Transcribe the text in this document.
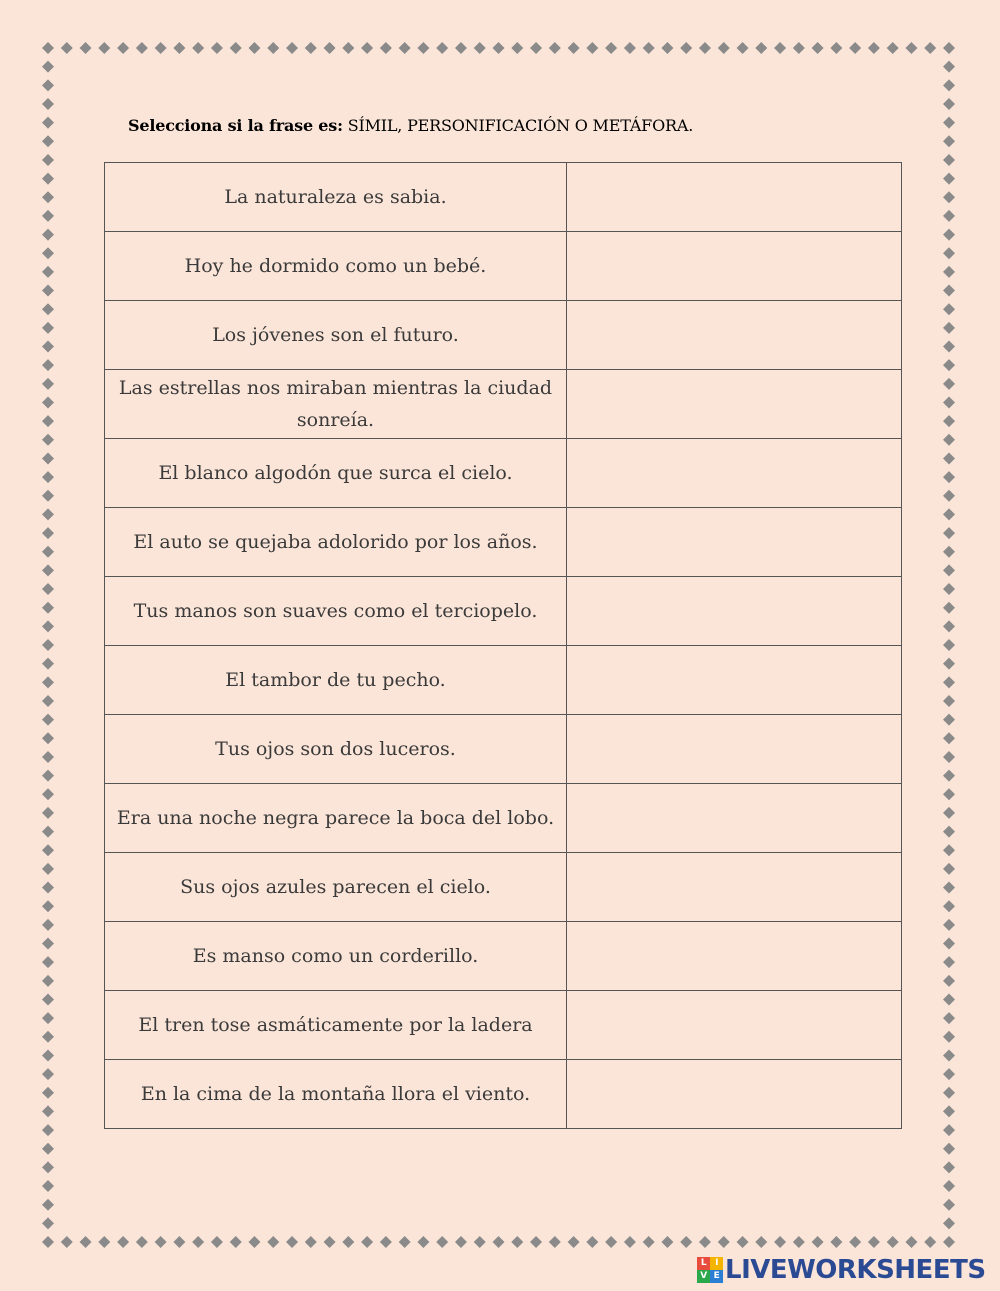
Selecciona si la frase es: SÍMIL, PERSONIFICACIÓN O METÁFORA.
La naturaleza es sabia.	
Hoy he dormido como un bebé.	
Los jóvenes son el futuro.	
Las estrellas nos miraban mientras la ciudad sonreía.	
El blanco algodón que surca el cielo.	
El auto se quejaba adolorido por los años.	
Tus manos son suaves como el terciopelo.	
El tambor de tu pecho.	
Tus ojos son dos luceros.	
Era una noche negra parece la boca del lobo.	
Sus ojos azules parecen el cielo.	
Es manso como un corderillo.	
El tren tose asmáticamente por la ladera	
En la cima de la montaña llora el viento.	
L I
V E LIVEWORKSHEETS
